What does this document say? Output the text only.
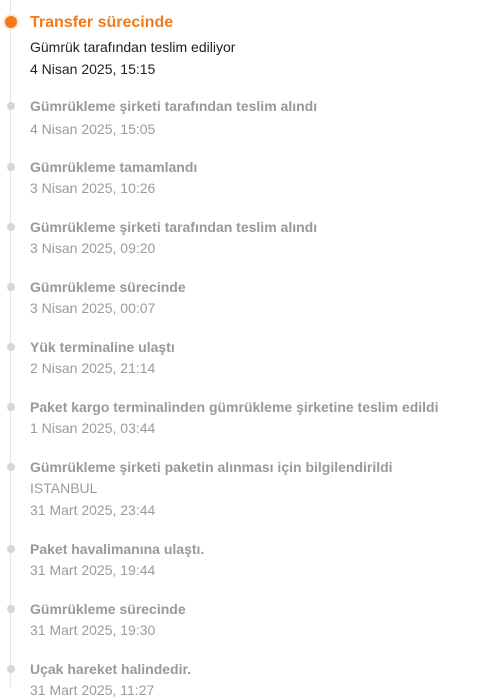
Transfer sürecinde
Gümrük tarafından teslim ediliyor
4 Nisan 2025, 15:15
Gümrükleme şirketi tarafından teslim alındı
4 Nisan 2025, 15:05
Gümrükleme tamamlandı
3 Nisan 2025, 10:26
Gümrükleme şirketi tarafından teslim alındı
3 Nisan 2025, 09:20
Gümrükleme sürecinde
3 Nisan 2025, 00:07
Yük terminaline ulaştı
2 Nisan 2025, 21:14
Paket kargo terminalinden gümrükleme şirketine teslim edildi
1 Nisan 2025, 03:44
Gümrükleme şirketi paketin alınması için bilgilendirildi
ISTANBUL
31 Mart 2025, 23:44
Paket havalimanına ulaştı.
31 Mart 2025, 19:44
Gümrükleme sürecinde
31 Mart 2025, 19:30
Uçak hareket halindedir.
31 Mart 2025, 11:27
